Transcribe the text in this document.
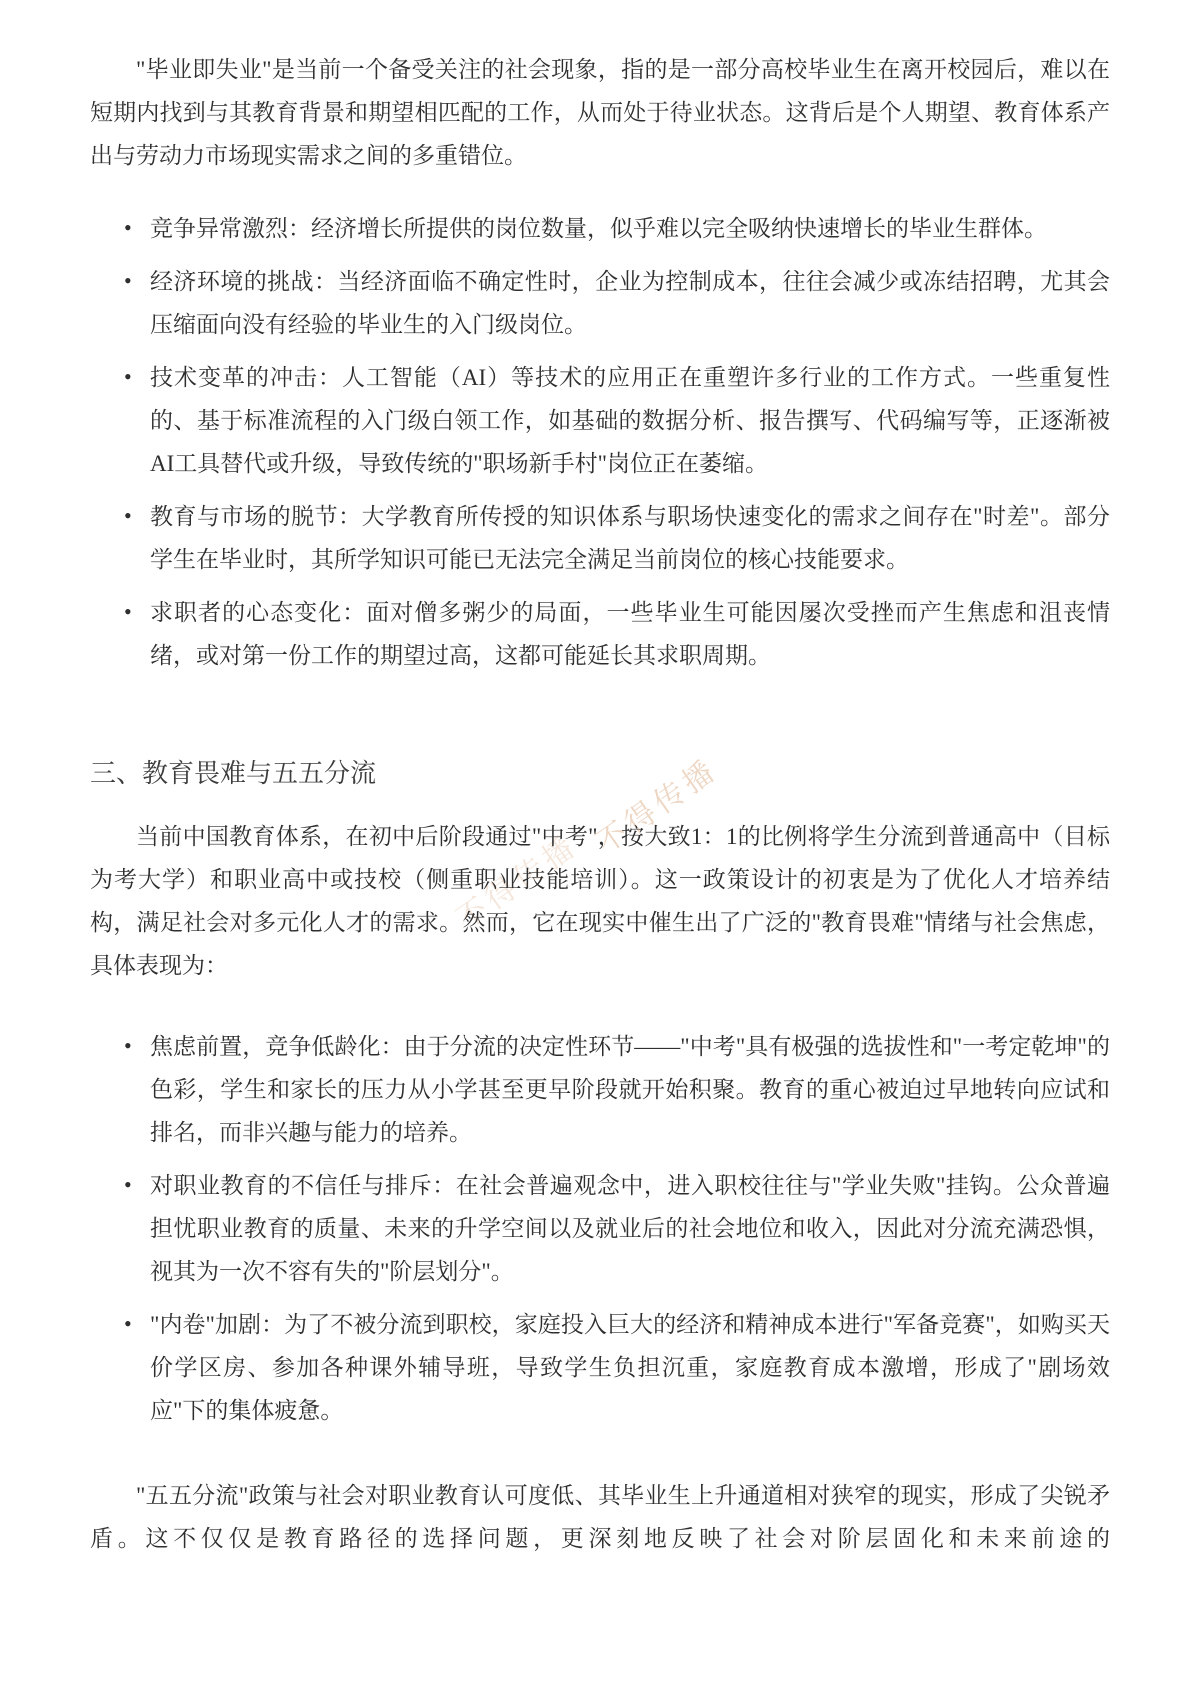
不得传播
不得传播

"毕业即失业"是当前一个备受关注的社会现象，指的是一部分高校毕业生在离开校园后，难以在短期内找到与其教育背景和期望相匹配的工作，从而处于待业状态。这背后是个人期望、教育体系产出与劳动力市场现实需求之间的多重错位。

• 竞争异常激烈：经济增长所提供的岗位数量，似乎难以完全吸纳快速增长的毕业生群体。
• 经济环境的挑战：当经济面临不确定性时，企业为控制成本，往往会减少或冻结招聘，尤其会压缩面向没有经验的毕业生的入门级岗位。
• 技术变革的冲击：人工智能（AI）等技术的应用正在重塑许多行业的工作方式。一些重复性的、基于标准流程的入门级白领工作，如基础的数据分析、报告撰写、代码编写等，正逐渐被AI工具替代或升级，导致传统的"职场新手村"岗位正在萎缩。
• 教育与市场的脱节：大学教育所传授的知识体系与职场快速变化的需求之间存在"时差"。部分学生在毕业时，其所学知识可能已无法完全满足当前岗位的核心技能要求。
• 求职者的心态变化：面对僧多粥少的局面，一些毕业生可能因屡次受挫而产生焦虑和沮丧情绪，或对第一份工作的期望过高，这都可能延长其求职周期。
三、教育畏难与五五分流

当前中国教育体系，在初中后阶段通过"中考"，按大致1：1的比例将学生分流到普通高中（目标为考大学）和职业高中或技校（侧重职业技能培训）。这一政策设计的初衷是为了优化人才培养结构，满足社会对多元化人才的需求。然而，它在现实中催生出了广泛的"教育畏难"情绪与社会焦虑，具体表现为：

• 焦虑前置，竞争低龄化：由于分流的决定性环节——"中考"具有极强的选拔性和"一考定乾坤"的色彩，学生和家长的压力从小学甚至更早阶段就开始积聚。教育的重心被迫过早地转向应试和排名，而非兴趣与能力的培养。
• 对职业教育的不信任与排斥：在社会普遍观念中，进入职校往往与"学业失败"挂钩。公众普遍担忧职业教育的质量、未来的升学空间以及就业后的社会地位和收入，因此对分流充满恐惧，视其为一次不容有失的"阶层划分"。
• "内卷"加剧：为了不被分流到职校，家庭投入巨大的经济和精神成本进行"军备竞赛"，如购买天价学区房、参加各种课外辅导班，导致学生负担沉重，家庭教育成本激增，形成了"剧场效应"下的集体疲惫。

"五五分流"政策与社会对职业教育认可度低、其毕业生上升通道相对狭窄的现实，形成了尖锐矛盾。这不仅仅是教育路径的选择问题，更深刻地反映了社会对阶层固化和未来前途的
